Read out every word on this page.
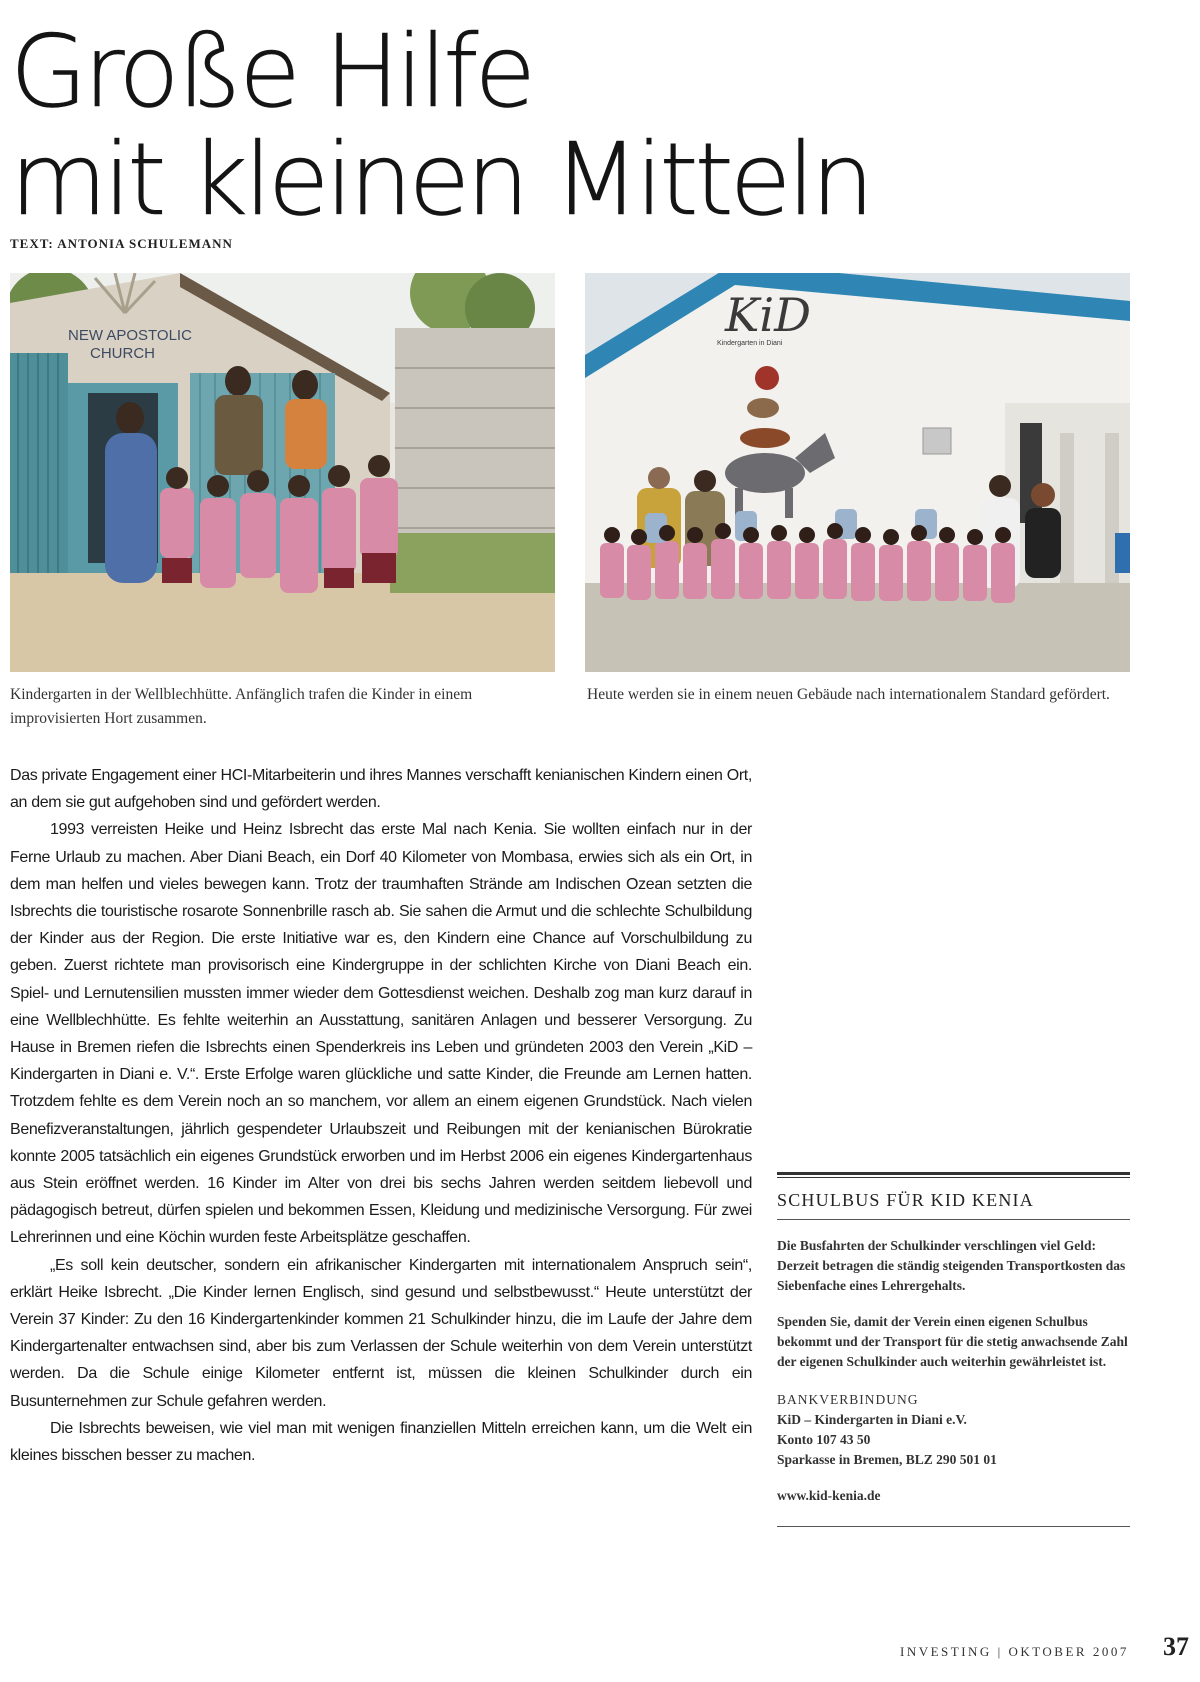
Große Hilfe
mit kleinen Mitteln
TEXT: ANTONIA SCHULEMANN
NEW APOSTOLIC
CHURCH
KiD
Kindergarten in Diani
Kindergarten in der Wellblechhütte. Anfänglich trafen die Kinder in einem improvisierten Hort zusammen.
Heute werden sie in einem neuen Gebäude nach internationalem Standard gefördert.

Das private Engagement einer HCI-Mitarbeiterin und ihres Mannes verschafft kenianischen Kindern einen Ort, an dem sie gut aufgehoben sind und gefördert werden.

1993 verreisten Heike und Heinz Isbrecht das erste Mal nach Kenia. Sie wollten einfach nur in der Ferne Urlaub zu machen. Aber Diani Beach, ein Dorf 40 Kilometer von Mombasa, erwies sich als ein Ort, in dem man helfen und vieles bewegen kann. Trotz der traumhaften Strände am Indischen Ozean setzten die Isbrechts die touristische rosarote Sonnenbrille rasch ab. Sie sahen die Armut und die schlechte Schulbildung der Kinder aus der Region. Die erste Initiative war es, den Kindern eine Chance auf Vorschulbildung zu geben. Zuerst richtete man provisorisch eine Kindergruppe in der schlichten Kirche von Diani Beach ein. Spiel- und Lernutensilien mussten immer wieder dem Gottesdienst weichen. Deshalb zog man kurz darauf in eine Wellblechhütte. Es fehlte weiterhin an Ausstattung, sanitären Anlagen und besserer Versorgung. Zu Hause in Bremen riefen die Isbrechts einen Spenderkreis ins Leben und gründeten 2003 den Verein „KiD – Kindergarten in Diani e. V.“. Erste Erfolge waren glückliche und satte Kinder, die Freunde am Lernen hatten. Trotzdem fehlte es dem Verein noch an so manchem, vor allem an einem eigenen Grundstück. Nach vielen Benefizveranstaltungen, jährlich gespendeter Urlaubszeit und Reibungen mit der kenianischen Bürokratie konnte 2005 tatsächlich ein eigenes Grundstück erworben und im Herbst 2006 ein eigenes Kindergartenhaus aus Stein eröffnet werden. 16 Kinder im Alter von drei bis sechs Jahren werden seitdem liebevoll und pädagogisch betreut, dürfen spielen und bekommen Essen, Kleidung und medizinische Versorgung. Für zwei Lehrerinnen und eine Köchin wurden feste Arbeitsplätze geschaffen.

„Es soll kein deutscher, sondern ein afrikanischer Kindergarten mit internationalem Anspruch sein“, erklärt Heike Isbrecht. „Die Kinder lernen Englisch, sind gesund und selbstbewusst.“ Heute unterstützt der Verein 37 Kinder: Zu den 16 Kindergartenkinder kommen 21 Schulkinder hinzu, die im Laufe der Jahre dem Kindergartenalter entwachsen sind, aber bis zum Verlassen der Schule weiterhin von dem Verein unterstützt werden. Da die Schule einige Kilometer entfernt ist, müssen die kleinen Schulkinder durch ein Busunternehmen zur Schule gefahren werden.

Die Isbrechts beweisen, wie viel man mit wenigen finanziellen Mitteln erreichen kann, um die Welt ein kleines bisschen besser zu machen.

SCHULBUS FÜR KID KENIA

Die Busfahrten der Schulkinder verschlingen viel Geld: Derzeit betragen die ständig steigenden Transportkosten das Siebenfache eines Lehrergehalts.

Spenden Sie, damit der Verein einen eigenen Schulbus bekommt und der Transport für die stetig anwachsende Zahl der eigenen Schulkinder auch weiterhin gewährleistet ist.

BANKVERBINDUNG
KiD – Kindergarten in Diani e.V.
Konto 107 43 50
Sparkasse in Bremen, BLZ 290 501 01
www.kid-kenia.de
INVESTING | OKTOBER 2007 37
